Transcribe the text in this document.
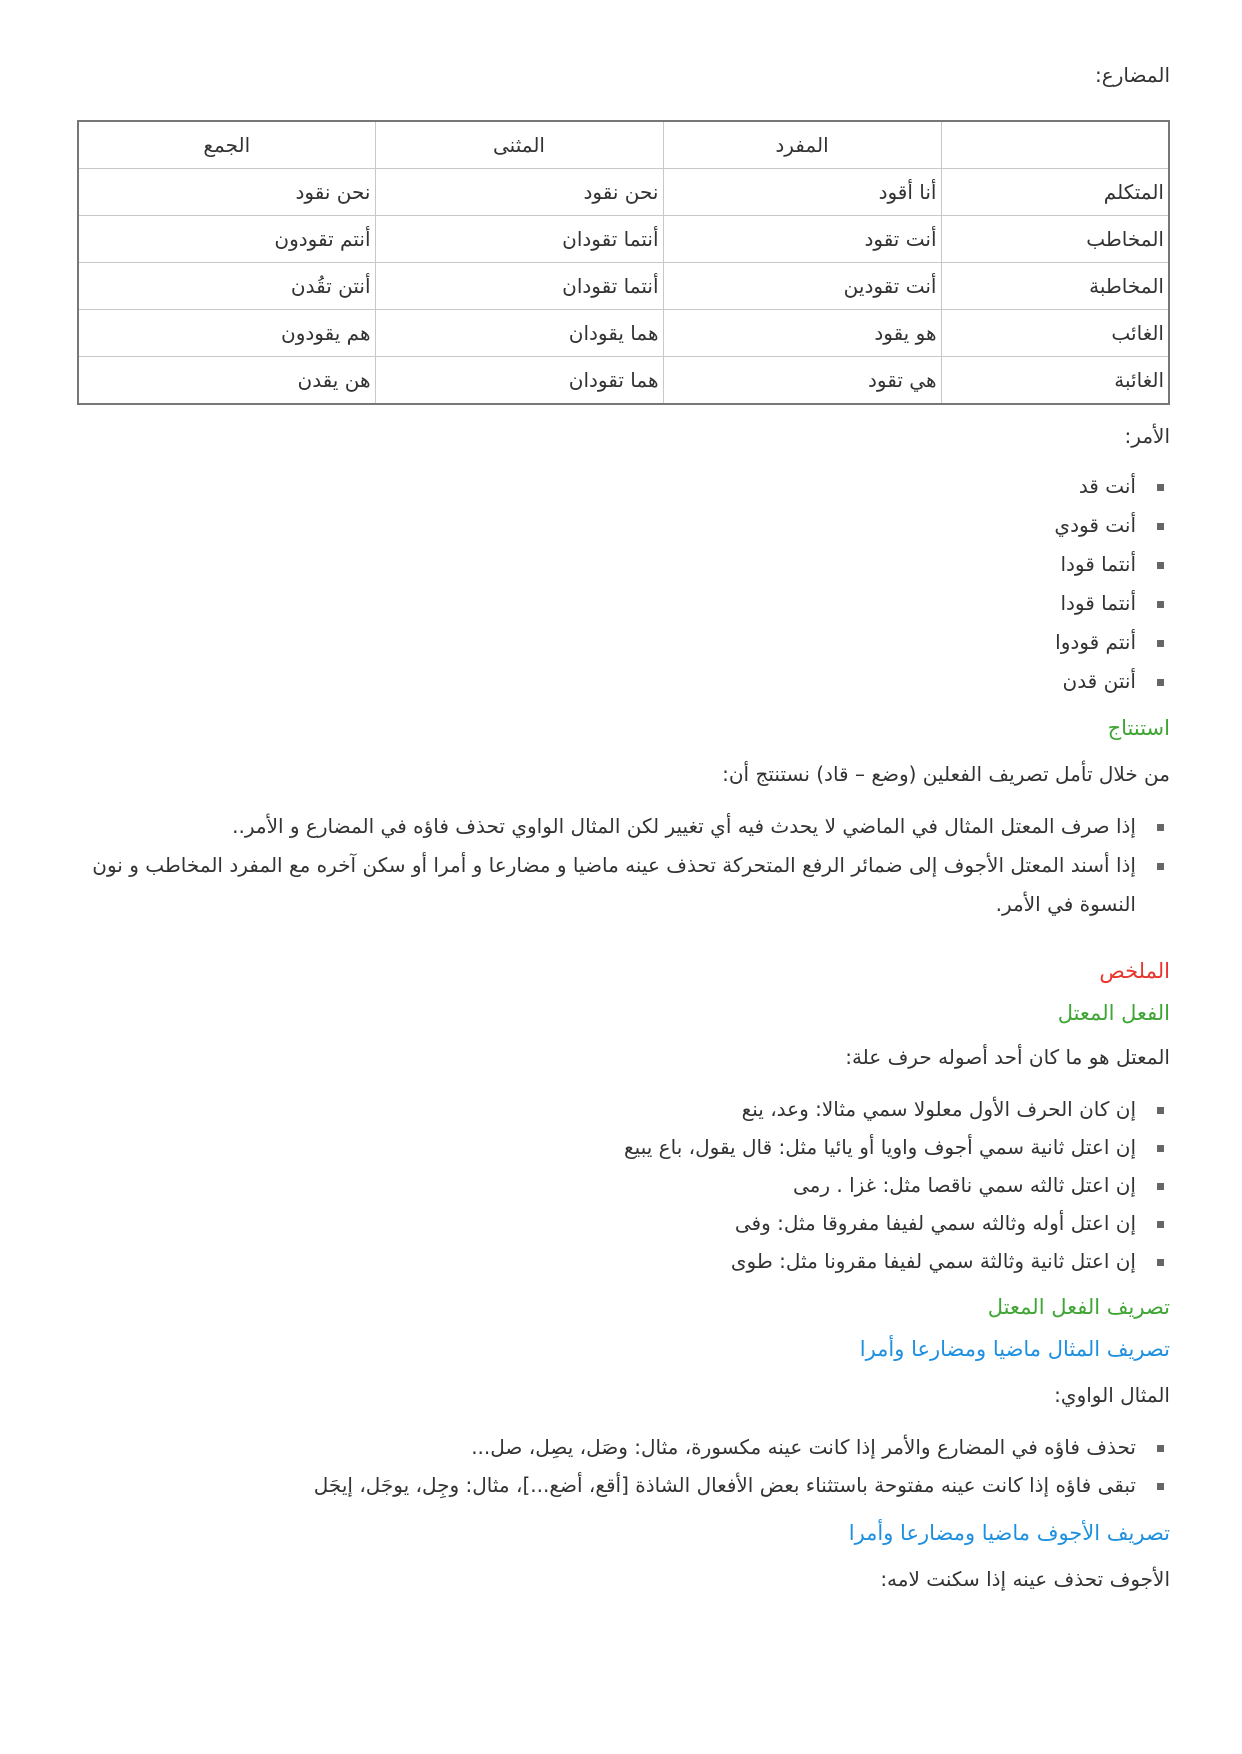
المضارع:

	المفرد	المثنى	الجمع
المتكلم	أنا أقود	نحن نقود	نحن نقود
المخاطب	أنت تقود	أنتما تقودان	أنتم تقودون
المخاطبة	أنت تقودين	أنتما تقودان	أنتن تقُدن
الغائب	هو يقود	هما يقودان	هم يقودون
الغائبة	هي تقود	هما تقودان	هن يقدن

الأمر:

أنت قد
أنت قودي
أنتما قودا
أنتما قودا
أنتم قودوا
أنتن قدن
استنتاج

من خلال تأمل تصريف الفعلين (وضع – قاد) نستنتج أن:

إذا صرف المعتل المثال في الماضي لا يحدث فيه أي تغيير لكن المثال الواوي تحذف فاؤه في المضارع و الأمر..
إذا أسند المعتل الأجوف إلى ضمائر الرفع المتحركة تحذف عينه ماضيا و مضارعا و أمرا أو سكن آخره مع المفرد المخاطب و نون النسوة في الأمر.
الملخص
الفعل المعتل

المعتل هو ما كان أحد أصوله حرف علة:

إن كان الحرف الأول معلولا سمي مثالا: وعد، ينع
إن اعتل ثانية سمي أجوف واويا أو يائيا مثل: قال يقول، باع يبيع
إن اعتل ثالثه سمي ناقصا مثل: غزا . رمى
إن اعتل أوله وثالثه سمي لفيفا مفروقا مثل: وفى
إن اعتل ثانية وثالثة سمي لفيفا مقرونا مثل: طوى
تصريف الفعل المعتل
تصريف المثال ماضيا ومضارعا وأمرا

المثال الواوي:

تحذف فاؤه في المضارع والأمر إذا كانت عينه مكسورة، مثال: وصَل، يصِل، صل...
تبقى فاؤه إذا كانت عينه مفتوحة باستثناء بعض الأفعال الشاذة [أقع، أضع...]، مثال: وجِل، يوجَل، إيجَل
تصريف الأجوف ماضيا ومضارعا وأمرا

الأجوف تحذف عينه إذا سكنت لامه:
